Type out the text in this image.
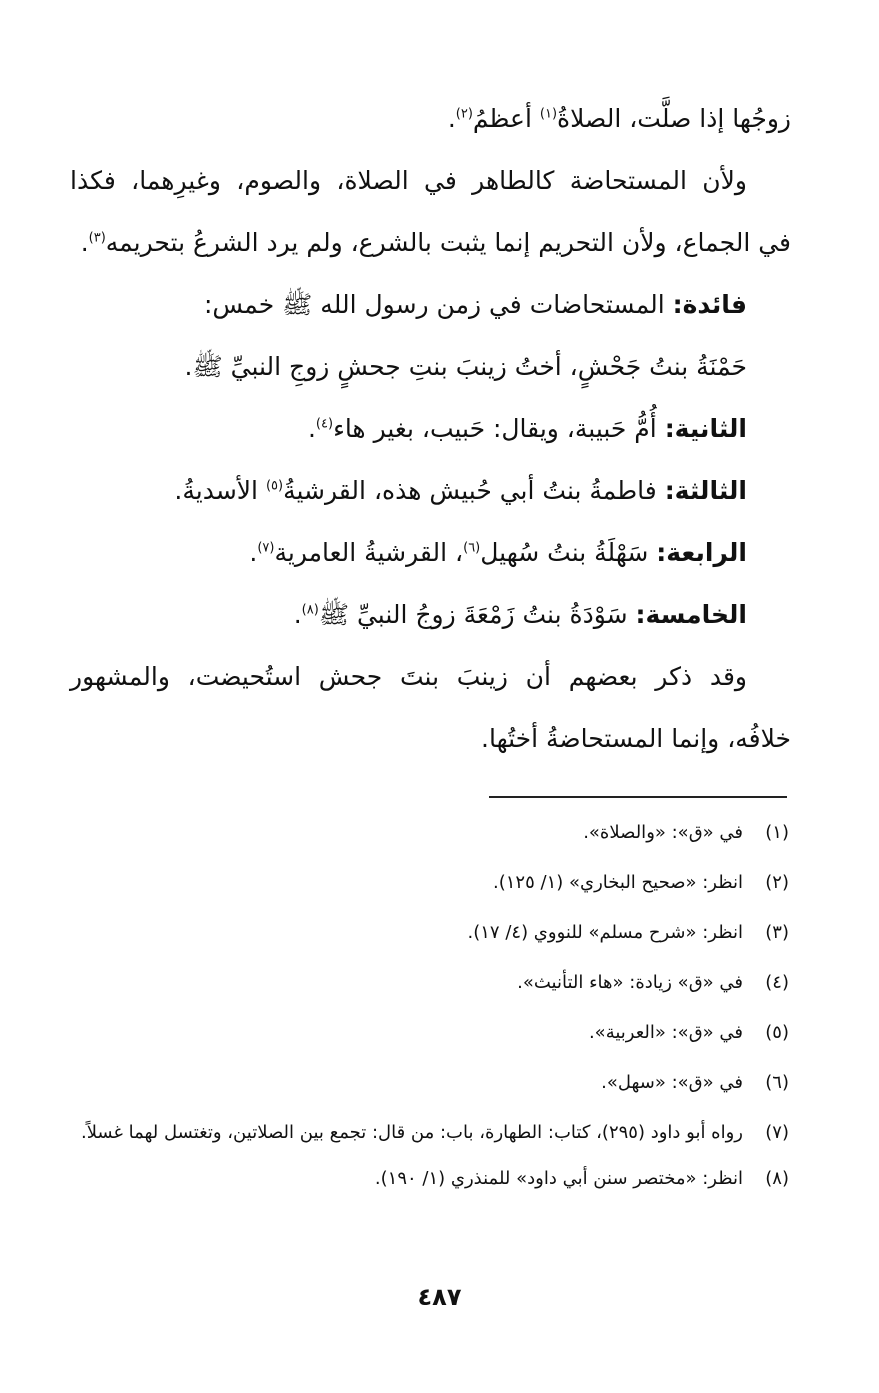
زوجُها إذا صلَّت، الصلاةُ$^{(١)}$ أعظمُ$^{(٢)}$.
ولأن المستحاضة كالطاهر في الصلاة، والصوم، وغيرِهما، فكذا
في الجماع، ولأن التحريم إنما يثبت بالشرع، ولم يرد الشرعُ بتحريمه$^{(٣)}$.
فائدة: المستحاضات في زمن رسول الله ﷺ خمس:
حَمْنَةُ بنتُ جَحْشٍ، أختُ زينبَ بنتِ جحشٍ زوجِ النبيِّ ﷺ.
الثانية: أُمُّ حَبيبة، ويقال: حَبيب، بغير هاء$^{(٤)}$.
الثالثة: فاطمةُ بنتُ أبي حُبيش هذه، القرشيةُ$^{(٥)}$ الأسديةُ.
الرابعة: سَهْلَةُ بنتُ سُهيل$^{(٦)}$، القرشيةُ العامرية$^{(٧)}$.
الخامسة: سَوْدَةُ بنتُ زَمْعَةَ زوجُ النبيِّ ﷺ$^{(٨)}$.
وقد ذكر بعضهم أن زينبَ بنتَ جحش استُحيضت، والمشهور
خلافُه، وإنما المستحاضةُ أختُها.
(١)
في «ق»: «والصلاة».
(٢)
انظر: «صحيح البخاري» (١/ ١٢٥).
(٣)
انظر: «شرح مسلم» للنووي (٤/ ١٧).
(٤)
في «ق» زيادة: «هاء التأنيث».
(٥)
في «ق»: «العربية».
(٦)
في «ق»: «سهل».
(٧)
رواه أبو داود (٢٩٥)، كتاب: الطهارة، باب: من قال: تجمع بين الصلاتين، وتغتسل لهما غسلاً.
(٨)
انظر: «مختصر سنن أبي داود» للمنذري (١/ ١٩٠).
٤٨٧
